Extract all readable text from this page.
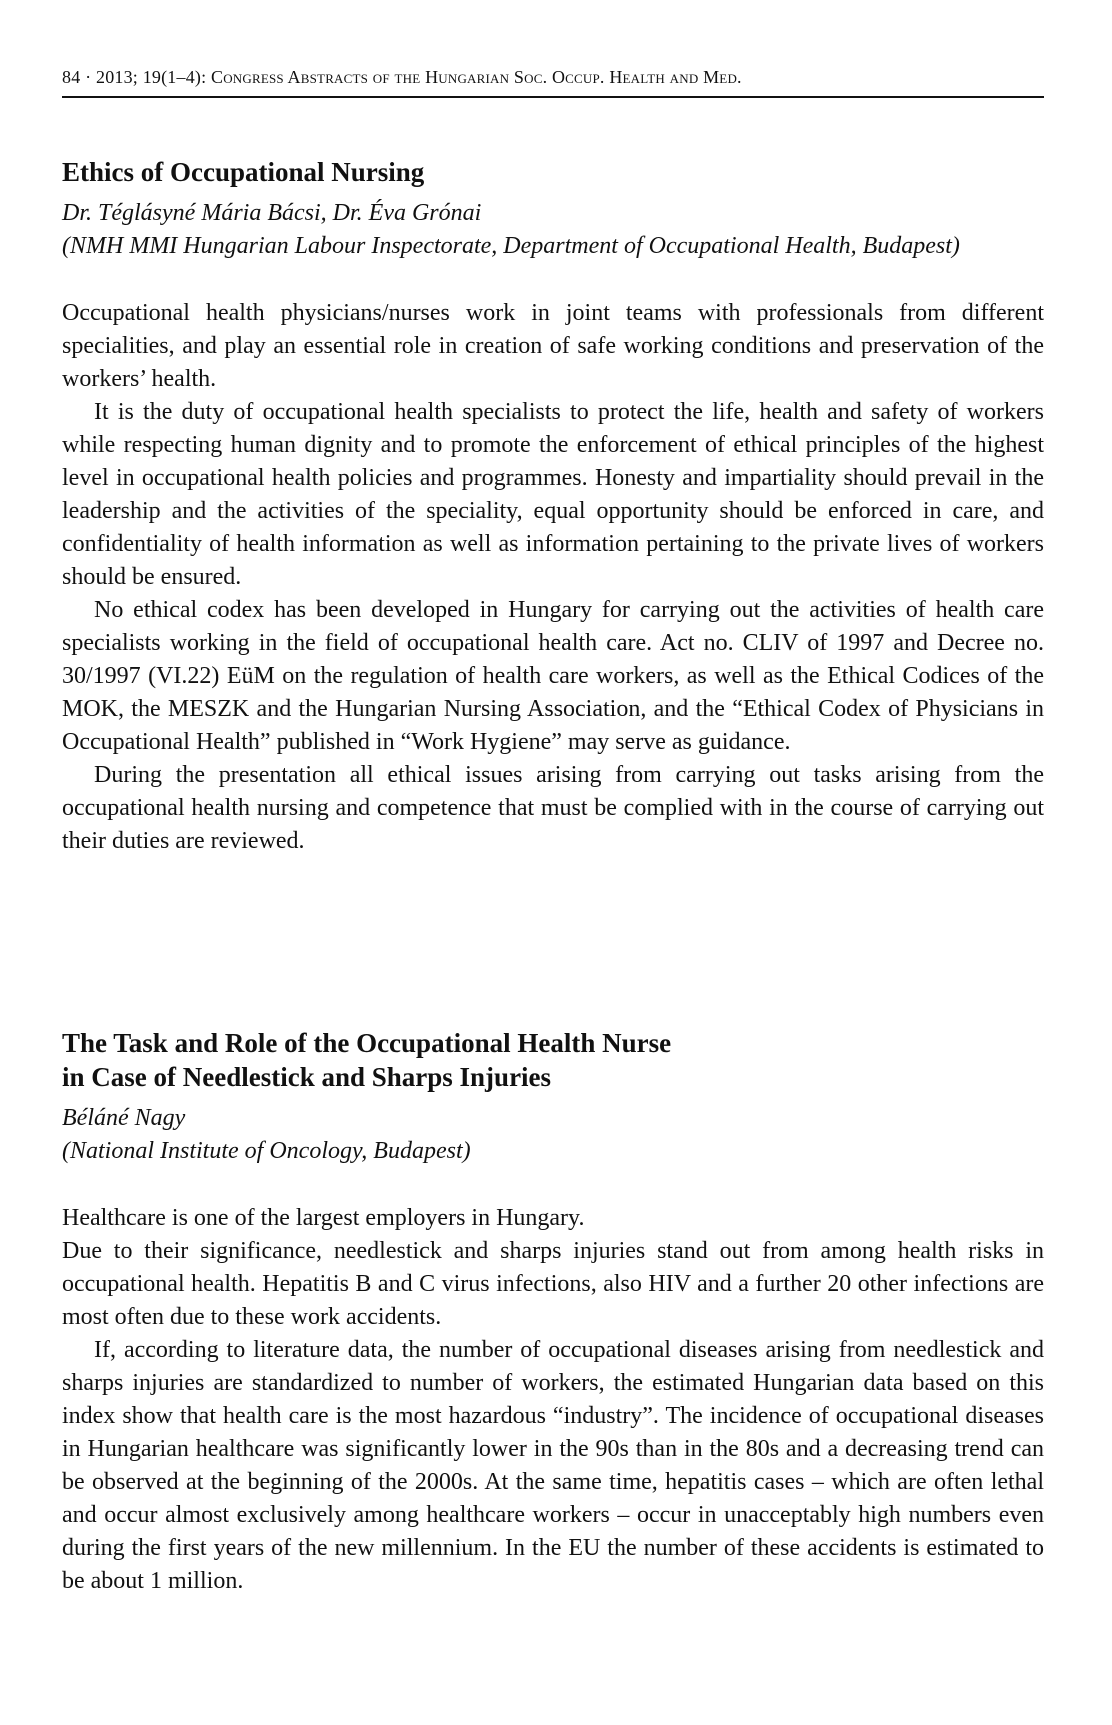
84 · 2013; 19(1–4): Congress Abstracts of the Hungarian Soc. Occup. Health and Med.
Ethics of Occupational Nursing

Dr. Téglásyné Mária Bácsi, Dr. Éva Grónai

(NMH MMI Hungarian Labour Inspectorate, Department of Occupational Health, Budapest)

Occupational health physicians/nurses work in joint teams with professionals from different specialities, and play an essential role in creation of safe working conditions and preservation of the workers’ health.

It is the duty of occupational health specialists to protect the life, health and safety of workers while respecting human dignity and to promote the enforcement of ethical principles of the highest level in occupational health policies and programmes. Honesty and impartiality should prevail in the leadership and the activities of the speciality, equal opportunity should be enforced in care, and confidentiality of health information as well as information pertaining to the private lives of workers should be ensured.

No ethical codex has been developed in Hungary for carrying out the activities of health care specialists working in the field of occupational health care. Act no. CLIV of 1997 and Decree no. 30/1997 (VI.22) EüM on the regulation of health care workers, as well as the Ethical Codices of the MOK, the MESZK and the Hungarian Nursing Association, and the “Ethical Codex of Physicians in Occupational Health” published in “Work Hygiene” may serve as guidance.

During the presentation all ethical issues arising from carrying out tasks arising from the occupational health nursing and competence that must be complied with in the course of carrying out their duties are reviewed.

The Task and Role of the Occupational Health Nurse
in Case of Needlestick and Sharps Injuries

Béláné Nagy

(National Institute of Oncology, Budapest)

Healthcare is one of the largest employers in Hungary.

Due to their significance, needlestick and sharps injuries stand out from among health risks in occupational health. Hepatitis B and C virus infections, also HIV and a further 20 other infections are most often due to these work accidents.

If, according to literature data, the number of occupational diseases arising from needlestick and sharps injuries are standardized to number of workers, the estimated Hungarian data based on this index show that health care is the most hazardous “industry”. The incidence of occupational diseases in Hungarian healthcare was significantly lower in the 90s than in the 80s and a decreasing trend can be observed at the beginning of the 2000s. At the same time, hepatitis cases – which are often lethal and occur almost exclusively among healthcare workers – occur in unacceptably high numbers even during the first years of the new millennium. In the EU the number of these accidents is estimated to be about 1 million.
